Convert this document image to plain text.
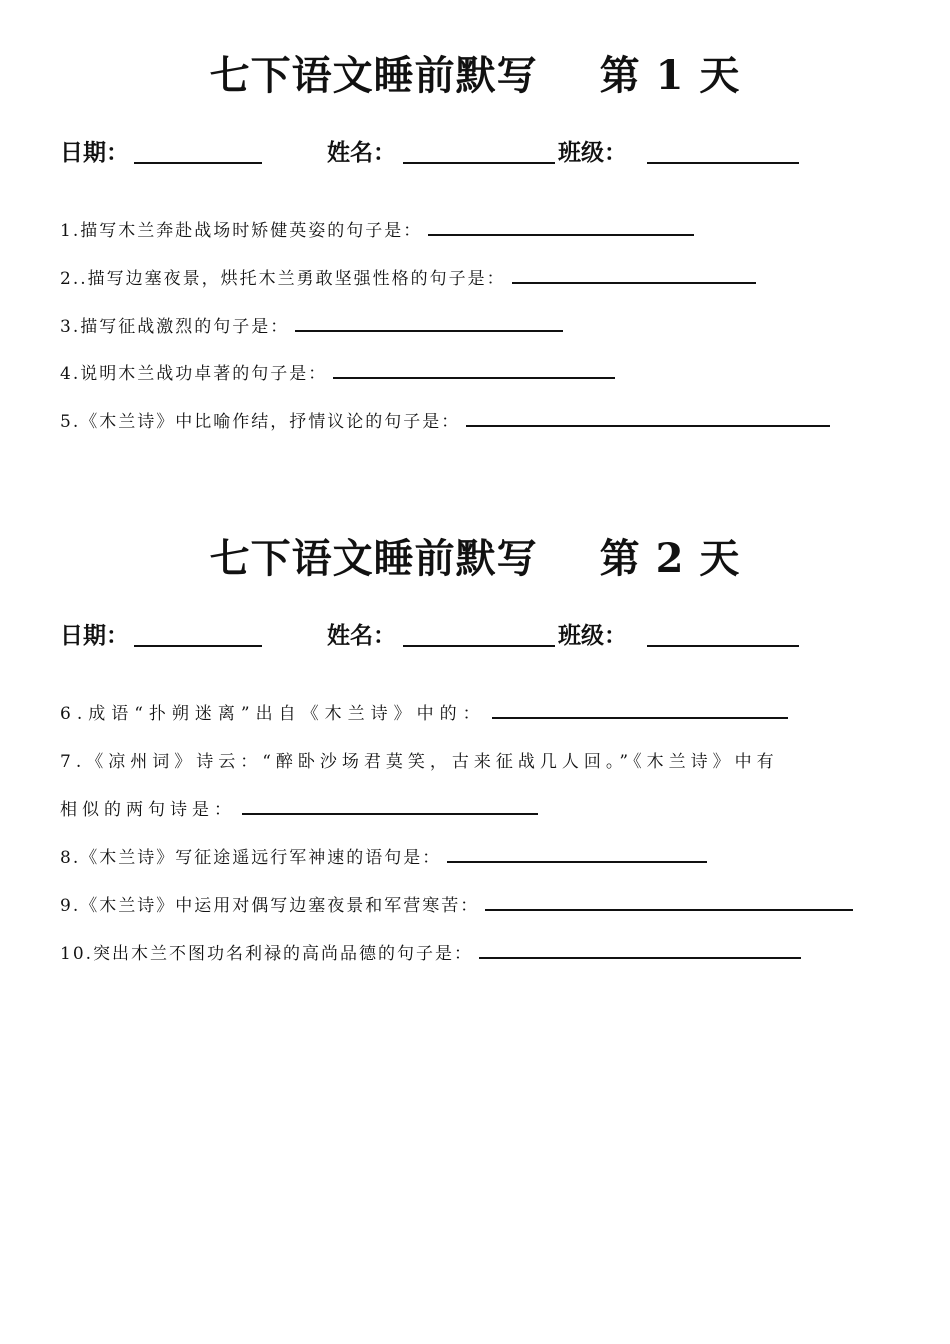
七下语文睡前默写 第 1 天
日期：	姓名：	班级：
1.描写木兰奔赴战场时矫健英姿的句子是：
2..描写边塞夜景，烘托木兰勇敢坚强性格的句子是：
3.描写征战激烈的句子是：
4.说明木兰战功卓著的句子是：
5.《木兰诗》中比喻作结，抒情议论的句子是：
七下语文睡前默写 第 2 天
日期：	姓名：	班级：
6.成语“扑朔迷离”出自《木兰诗》中的：
7.《凉州词》诗云：“醉卧沙场君莫笑，古来征战几人回。”《木兰诗》中有
相似的两句诗是：
8.《木兰诗》写征途遥远行军神速的语句是：
9.《木兰诗》中运用对偶写边塞夜景和军营寒苦：
10.突出木兰不图功名利禄的高尚品德的句子是：
